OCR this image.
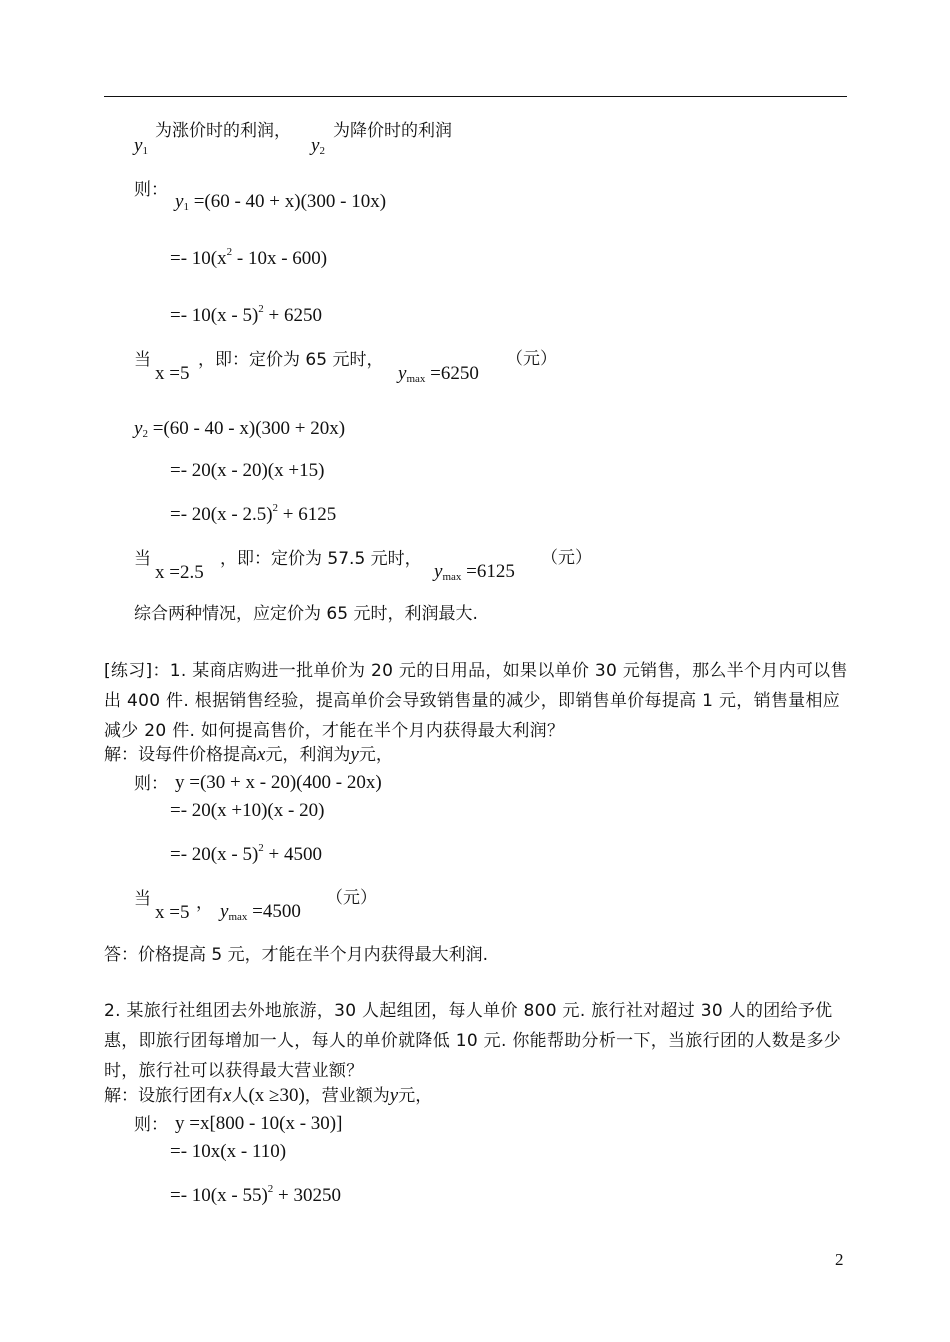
$y_1$
为涨价时的利润，
$y_2$
为降价时的利润
则：
$y_1 =(60 - 40 + x)(300 - 10x)$
=- $10(x^2 - 10x - 600)$
=- 10(x - 5)$^2$ + 6250
当
x =5
，即：定价为 65 元时，
$y_{max} =6250$
（元）
$y_2 =(60 - 40 - x)(300 + 20x)$
=- 20(x - 20)(x +15)
=- 20(x - 2.5)$^2$ + 6125
当
x =2.5
，即：定价为 57.5 元时，
$y_{max} =6125$
（元）
综合两种情况，应定价为 65 元时，利润最大.
[练习]：1. 某商店购进一批单价为 20 元的日用品，如果以单价 30 元销售，那么半个月内可以售出 400 件. 根据销售经验，提高单价会导致销售量的减少，即销售单价每提高 1 元，销售量相应减少 20 件. 如何提高售价，才能在半个月内获得最大利润？
解：设每件价格提高x元，利润为y元，
则： y =(30 + x - 20)(400 - 20x)
=- 20(x +10)(x - 20)
=- 20(x - 5)$^2$ + 4500
当
x =5 ， $y_{max} =4500$
（元）
答：价格提高 5 元，才能在半个月内获得最大利润.
2. 某旅行社组团去外地旅游，30 人起组团，每人单价 800 元. 旅行社对超过 30 人的团给予优惠，即旅行团每增加一人，每人的单价就降低 10 元. 你能帮助分析一下，当旅行团的人数是多少时，旅行社可以获得最大营业额？
解：设旅行团有x人(x ≥30)，营业额为y元，
则： y =x[800 - 10(x - 30)]
=- 10x(x - 110)
=- 10(x - 55)$^2$ + 30250
2
